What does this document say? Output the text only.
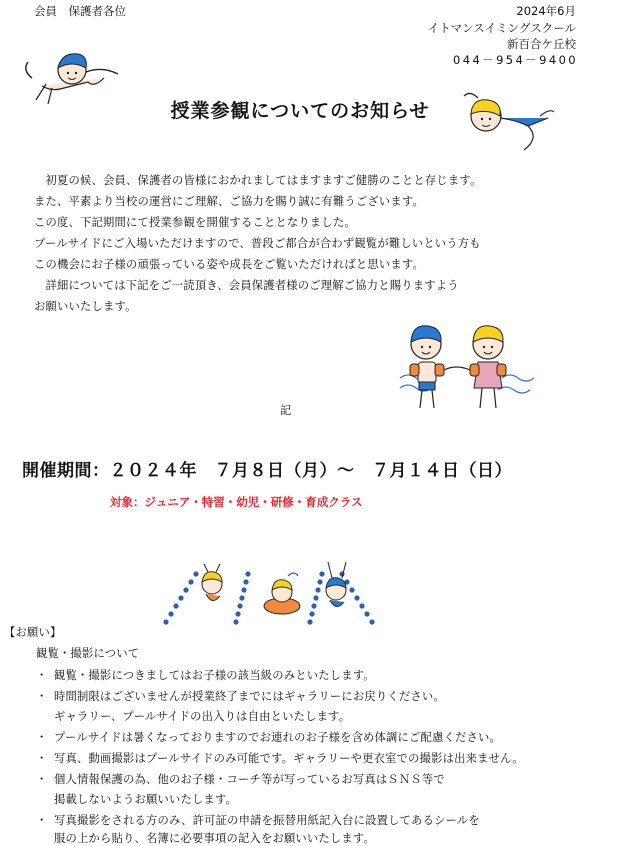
会員　保護者各位	2024年6月
イトマンスイミングスクール
新百合ケ丘校
044－954－9400
授業参観についてのお知らせ
　初夏の候、会員、保護者の皆様におかれましてはますますご健勝のことと存じます。
また、平素より当校の運営にご理解、ご協力を賜り誠に有難うございます。
この度、下記期間にて授業参観を開催することとなりました。
プールサイドにご入場いただけますので、普段ご都合が合わず観覧が難しいという方も
この機会にお子様の頑張っている姿や成長をご覧いただければと思います。
　詳細については下記をご一読頂き、会員保護者様のご理解ご協力と賜りますよう
お願いいたします。
記
開催期間：２０２４年　７月８日（月）～　７月１４日（日）
対象：ジュニア・特習・幼児・研修・育成クラス
【お願い】
観覧・撮影について
・ 観覧・撮影につきましてはお子様の該当級のみといたします。
・ 時間制限はございませんが授業終了までにはギャラリーにお戻りください。
ギャラリー、プールサイドの出入りは自由といたします。
・ プールサイドは暑くなっておりますのでお連れのお子様を含め体調にご配慮ください。
・ 写真、動画撮影はプールサイドのみ可能です。ギャラリーや更衣室での撮影は出来ません。
・ 個人情報保護の為、他のお子様・コーチ等が写っているお写真はＳＮＳ等で
掲載しないようお願いいたします。
・ 写真撮影をされる方のみ、許可証の申請を振替用紙記入台に設置してあるシールを
服の上から貼り、名簿に必要事項の記入をお願いいたします。
